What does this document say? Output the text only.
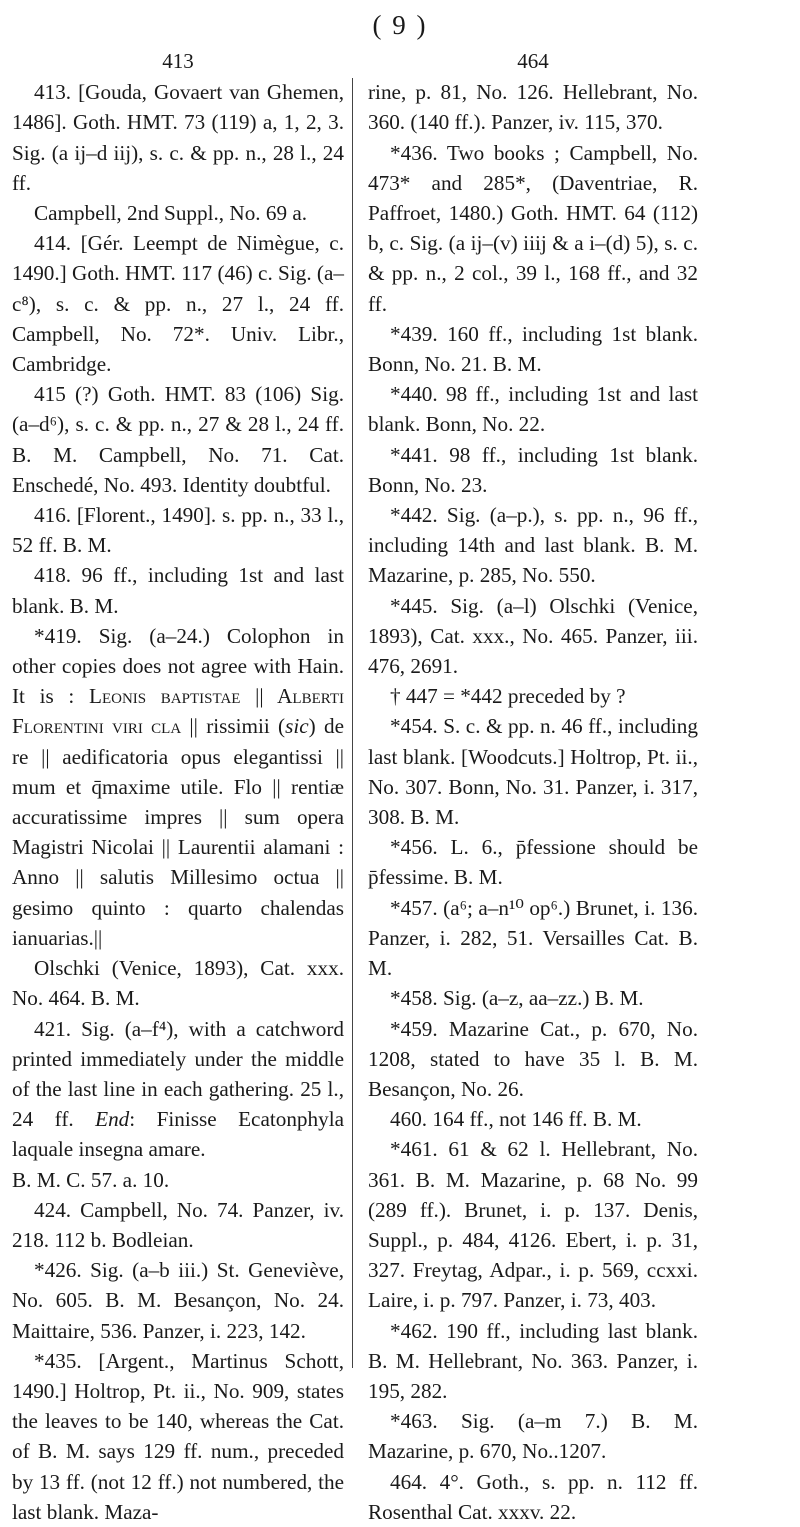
( 9 )
413

413. [Gouda, Govaert van Ghemen, 1486]. Goth. HMT. 73 (119) a, 1, 2, 3. Sig. (a ij–d iij), s. c. & pp. n., 28 l., 24 ff.

Campbell, 2nd Suppl., No. 69 a.

414. [Gér. Leempt de Nimègue, c. 1490.] Goth. HMT. 117 (46) c. Sig. (a–c⁸), s. c. & pp. n., 27 l., 24 ff. Campbell, No. 72*. Univ. Libr., Cambridge.

415 (?) Goth. HMT. 83 (106) Sig. (a–d⁶), s. c. & pp. n., 27 & 28 l., 24 ff. B. M. Campbell, No. 71. Cat. Enschedé, No. 493. Identity doubtful.

416. [Florent., 1490]. s. pp. n., 33 l., 52 ff. B. M.

418. 96 ff., including 1st and last blank. B. M.

*419. Sig. (a–24.) Colophon in other copies does not agree with Hain. It is : Leonis baptistae || Alberti Florentini viri cla || rissimii (sic) de re || aedificatoria opus elegantissi || mum et q̄maxime utile. Flo || rentiæ accuratissime impres || sum opera Magistri Nicolai || Laurentii alamani : Anno || salutis Millesimo octua || gesimo quinto : quarto chalendas ianuarias.||

Olschki (Venice, 1893), Cat. xxx. No. 464. B. M.

421. Sig. (a–f⁴), with a catchword printed immediately under the middle of the last line in each gathering. 25 l., 24 ff. End: Finisse Ecatonphyla laquale insegna amare.

B. M. C. 57. a. 10.

424. Campbell, No. 74. Panzer, iv. 218. 112 b. Bodleian.

*426. Sig. (a–b iii.) St. Geneviève, No. 605. B. M. Besançon, No. 24. Maittaire, 536. Panzer, i. 223, 142.

*435. [Argent., Martinus Schott, 1490.] Holtrop, Pt. ii., No. 909, states the leaves to be 140, whereas the Cat. of B. M. says 129 ff. num., preceded by 13 ff. (not 12 ff.) not numbered, the last blank. Maza-

464

rine, p. 81, No. 126. Hellebrant, No. 360. (140 ff.). Panzer, iv. 115, 370.

*436. Two books ; Campbell, No. 473* and 285*, (Daventriae, R. Paffroet, 1480.) Goth. HMT. 64 (112) b, c. Sig. (a ij–(v) iiij & a i–(d) 5), s. c. & pp. n., 2 col., 39 l., 168 ff., and 32 ff.

*439. 160 ff., including 1st blank. Bonn, No. 21. B. M.

*440. 98 ff., including 1st and last blank. Bonn, No. 22.

*441. 98 ff., including 1st blank. Bonn, No. 23.

*442. Sig. (a–p.), s. pp. n., 96 ff., including 14th and last blank. B. M. Mazarine, p. 285, No. 550.

*445. Sig. (a–l) Olschki (Venice, 1893), Cat. xxx., No. 465. Panzer, iii. 476, 2691.

† 447 = *442 preceded by ?

*454. S. c. & pp. n. 46 ff., including last blank. [Woodcuts.] Holtrop, Pt. ii., No. 307. Bonn, No. 31. Panzer, i. 317, 308. B. M.

*456. L. 6., p̄fessione should be p̄fessime. B. M.

*457. (a⁶; a–n¹⁰ op⁶.) Brunet, i. 136. Panzer, i. 282, 51. Versailles Cat. B. M.

*458. Sig. (a–z, aa–zz.) B. M.

*459. Mazarine Cat., p. 670, No. 1208, stated to have 35 l. B. M. Besançon, No. 26.

460. 164 ff., not 146 ff. B. M.

*461. 61 & 62 l. Hellebrant, No. 361. B. M. Mazarine, p. 68 No. 99 (289 ff.). Brunet, i. p. 137. Denis, Suppl., p. 484, 4126. Ebert, i. p. 31, 327. Freytag, Adpar., i. p. 569, ccxxi. Laire, i. p. 797. Panzer, i. 73, 403.

*462. 190 ff., including last blank. B. M. Hellebrant, No. 363. Panzer, i. 195, 282.

*463. Sig. (a–m 7.) B. M. Mazarine, p. 670, No..1207.

464. 4°. Goth., s. pp. n. 112 ff. Rosenthal Cat. xxxv. 22.
